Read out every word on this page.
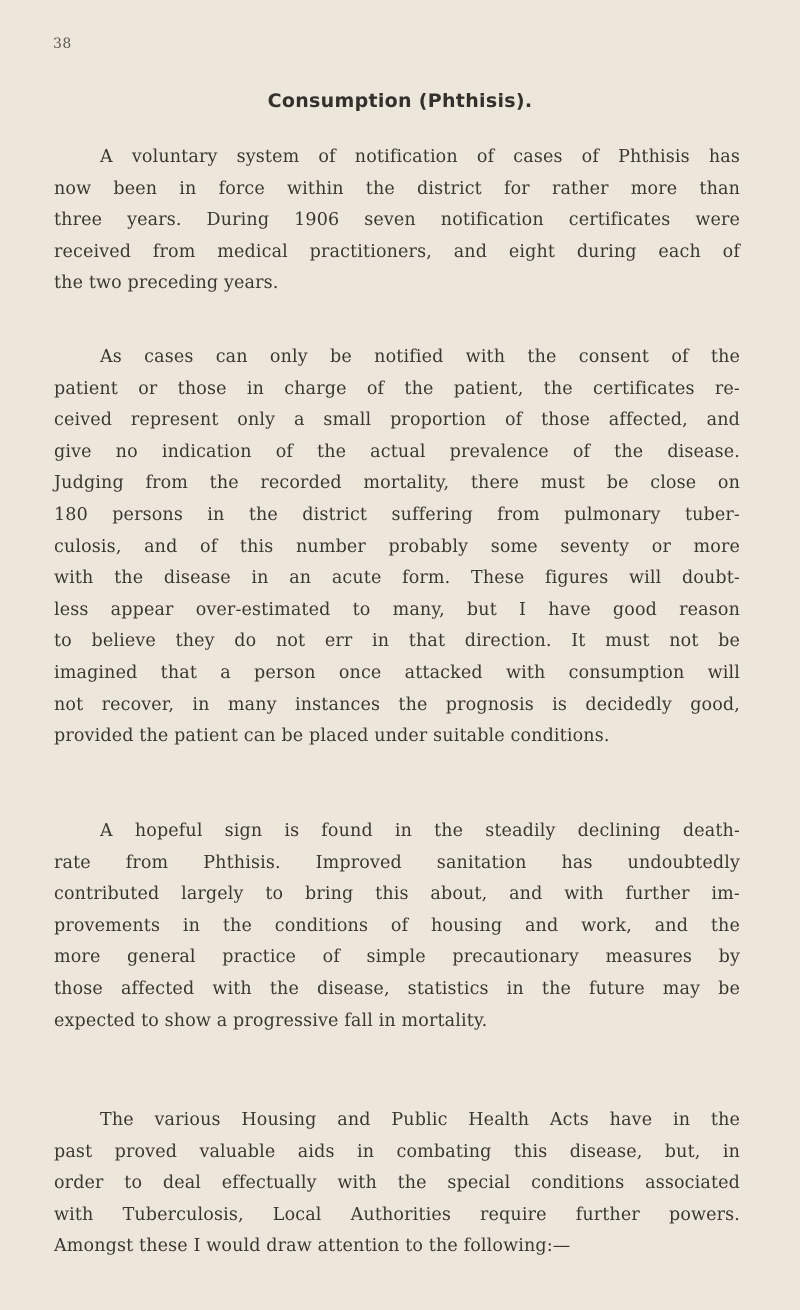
38
Consumption (Phthisis).
A voluntary system of notification of cases of Phthisis has
now been in force within the district for rather more than
three years. During 1906 seven notification certificates were
received from medical practitioners, and eight during each of
the two preceding years.
As cases can only be notified with the consent of the
patient or those in charge of the patient, the certificates re-
ceived represent only a small proportion of those affected, and
give no indication of the actual prevalence of the disease.
Judging from the recorded mortality, there must be close on
180 persons in the district suffering from pulmonary tuber-
culosis, and of this number probably some seventy or more
with the disease in an acute form. These figures will doubt-
less appear over-estimated to many, but I have good reason
to believe they do not err in that direction. It must not be
imagined that a person once attacked with consumption will
not recover, in many instances the prognosis is decidedly good,
provided the patient can be placed under suitable conditions.
A hopeful sign is found in the steadily declining death-
rate from Phthisis. Improved sanitation has undoubtedly
contributed largely to bring this about, and with further im-
provements in the conditions of housing and work, and the
more general practice of simple precautionary measures by
those affected with the disease, statistics in the future may be
expected to show a progressive fall in mortality.
The various Housing and Public Health Acts have in the
past proved valuable aids in combating this disease, but, in
order to deal effectually with the special conditions associated
with Tuberculosis, Local Authorities require further powers.
Amongst these I would draw attention to the following:—
